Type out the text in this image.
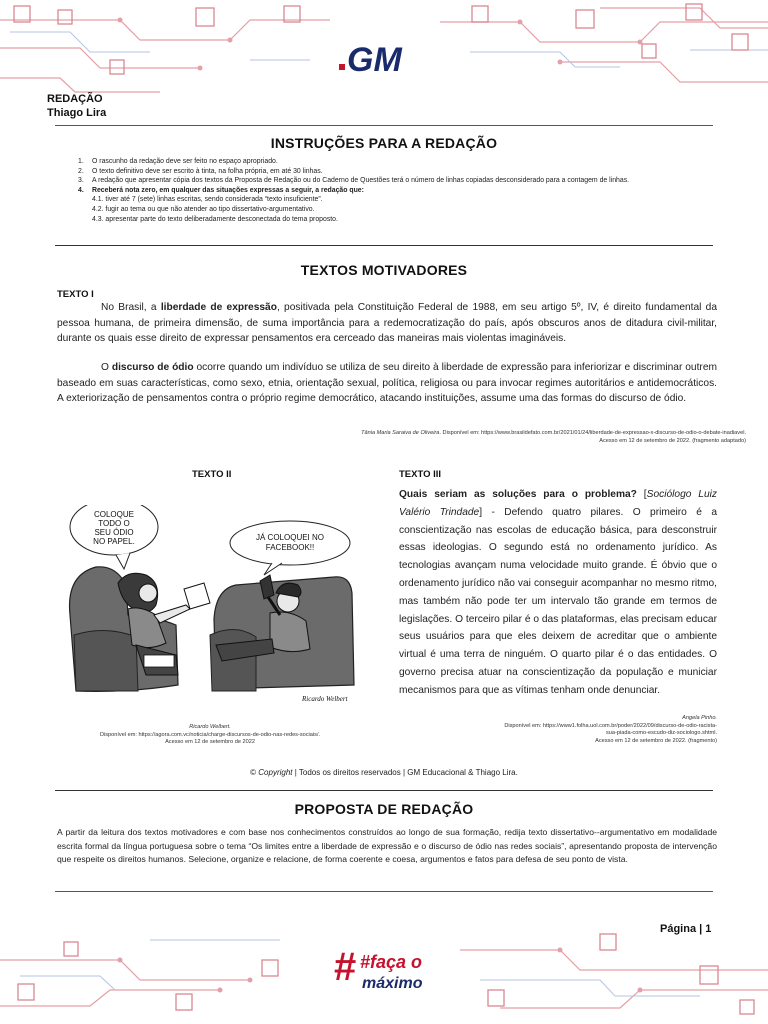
GM
REDAÇÃO
Thiago Lira
INSTRUÇÕES PARA A REDAÇÃO
1. O rascunho da redação deve ser feito no espaço apropriado.
2. O texto definitivo deve ser escrito à tinta, na folha própria, em até 30 linhas.
3. A redação que apresentar cópia dos textos da Proposta de Redação ou do Caderno de Questões terá o número de linhas copiadas desconsiderado para a contagem de linhas.
4. Receberá nota zero, em qualquer das situações expressas a seguir, a redação que:
4.1. tiver até 7 (sete) linhas escritas, sendo considerada “texto insuficiente”.
4.2. fugir ao tema ou que não atender ao tipo dissertativo-argumentativo.
4.3. apresentar parte do texto deliberadamente desconectada do tema proposto.
TEXTOS MOTIVADORES
TEXTO I

No Brasil, a liberdade de expressão, positivada pela Constituição Federal de 1988, em seu artigo 5º, IV, é direito fundamental da pessoa humana, de primeira dimensão, de suma importância para a redemocratização do país, após obscuros anos de ditadura civil-militar, durante os quais esse direito de expressar pensamentos era cerceado das maneiras mais violentas imagináveis.

O discurso de ódio ocorre quando um indivíduo se utiliza de seu direito à liberdade de expressão para inferiorizar e discriminar outrem baseado em suas características, como sexo, etnia, orientação sexual, política, religiosa ou para invocar regimes autoritários e antidemocráticos. A exteriorização de pensamentos contra o próprio regime democrático, atacando instituições, assume uma das formas do discurso de ódio.

Tânia Maria Saraiva de Oliveira. Disponível em: https://www.brasildefato.com.br/2021/01/24/liberdade-de-expressao-x-discurso-de-odio-o-debate-inadiavel.
Acesso em 12 de setembro de 2022. (fragmento adaptado)
TEXTO II	TEXTO III
COLOQUE TODO O SEU ÓDIO NO PAPEL.	JÁ COLOQUEI NO FACEBOOK!!
Ricardo Welbert
Ricardo Welbert.
Disponível em: https://agora.com.vc/noticia/charge-discursos-de-odio-nas-redes-sociais/.
Acesso em 12 de setembro de 2022

Quais seriam as soluções para o problema? [Sociólogo Luiz Valério Trindade] - Defendo quatro pilares. O primeiro é a conscientização nas escolas de educação básica, para desconstruir essas ideologias. O segundo está no ordenamento jurídico. As tecnologias avançam numa velocidade muito grande. É óbvio que o ordenamento jurídico não vai conseguir acompanhar no mesmo ritmo, mas também não pode ter um intervalo tão grande em termos de legislações. O terceiro pilar é o das plataformas, elas precisam educar seus usuários para que eles deixem de acreditar que o ambiente virtual é uma terra de ninguém. O quarto pilar é o das entidades. O governo precisa atuar na conscientização da população e municiar mecanismos para que as vítimas tenham onde denunciar.

Angela Pinho.
Disponível em: https://www1.folha.uol.com.br/poder/2022/09/discurso-de-odio-racista-
sua-piada-como-escudo-diz-sociologo.shtml.
Acesso em 12 de setembro de 2022. (fragmento)
© Copyright | Todos os direitos reservados | GM Educacional & Thiago Lira.
PROPOSTA DE REDAÇÃO

A partir da leitura dos textos motivadores e com base nos conhecimentos construídos ao longo de sua formação, redija texto dissertativo--argumentativo em modalidade escrita formal da língua portuguesa sobre o tema “Os limites entre a liberdade de expressão e o discurso de ódio nas redes sociais”, apresentando proposta de intervenção que respeite os direitos humanos. Selecione, organize e relacione, de forma coerente e coesa, argumentos e fatos para defesa de seu ponto de vista.

Página | 1
# #faça o
máximo
